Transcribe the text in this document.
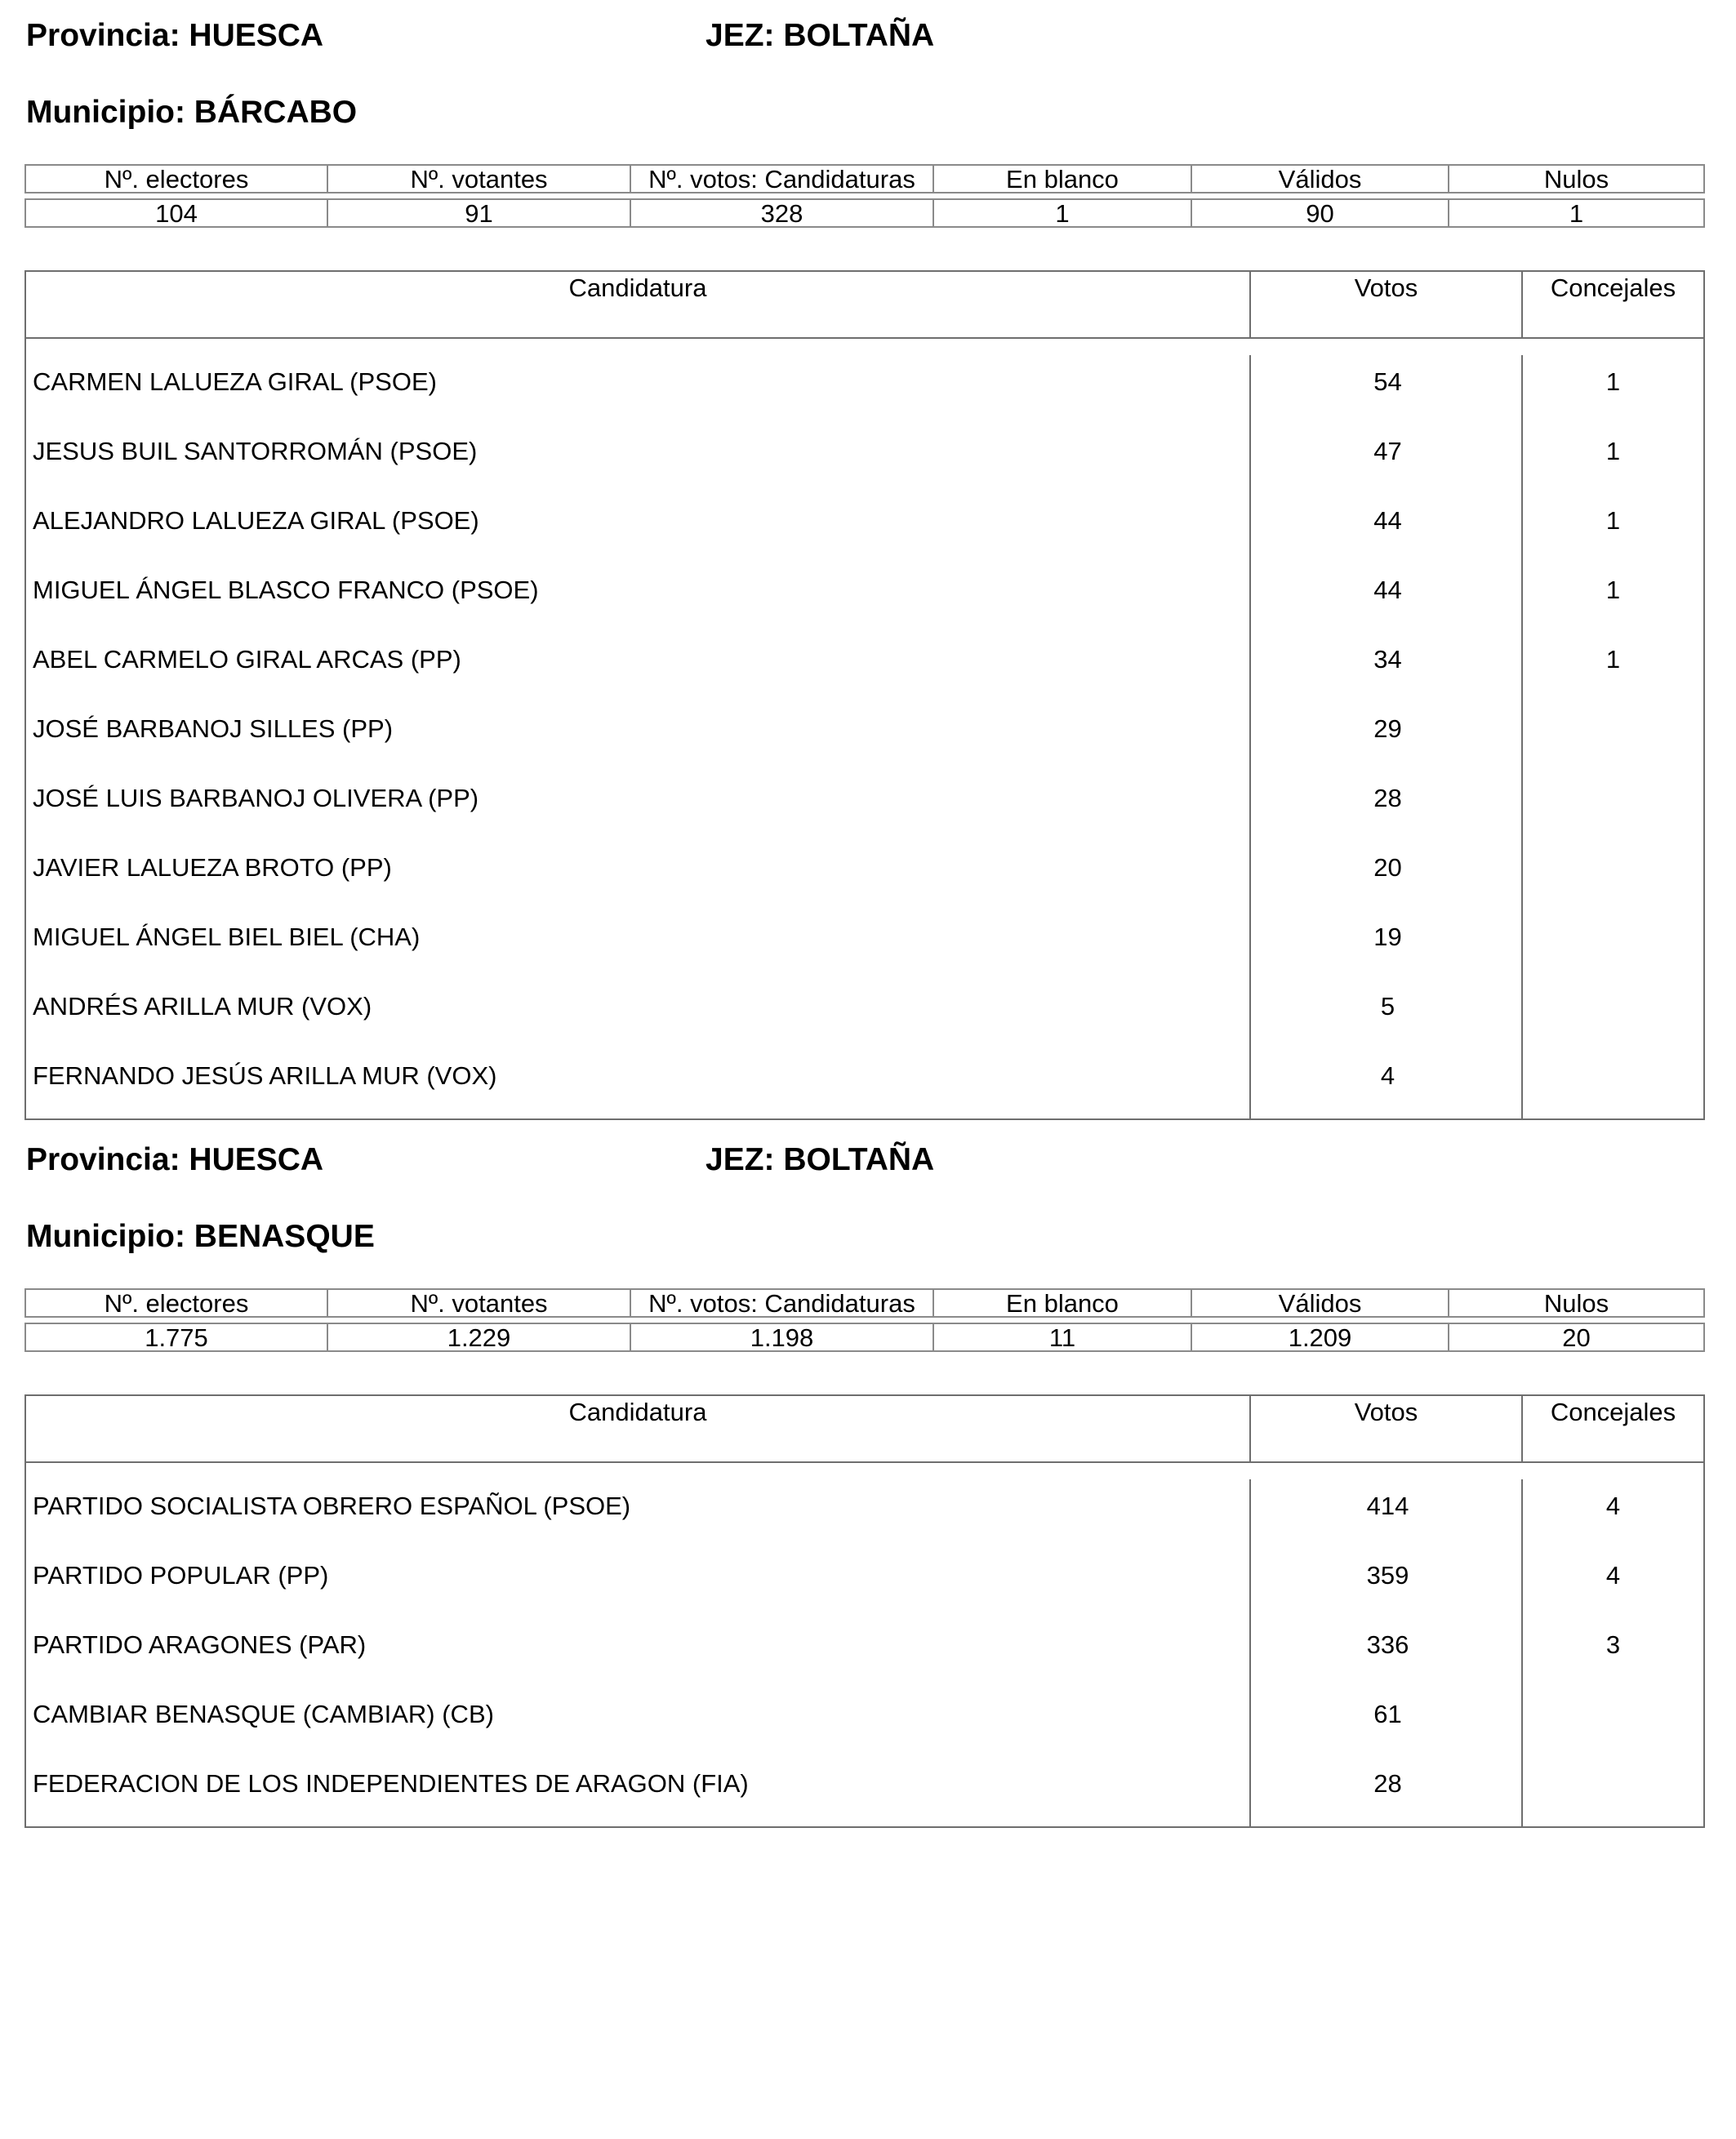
Provincia: HUESCA	JEZ: BOLTAÑA
Municipio: BÁRCABO
Nº. electores	Nº. votantes	Nº. votos: Candidaturas	En blanco	Válidos	Nulos
104	91	328	1	90	1
Candidatura	Votos	Concejales
CARMEN LALUEZA GIRAL (PSOE)	54	1
JESUS BUIL SANTORROMÁN (PSOE)	47	1
ALEJANDRO LALUEZA GIRAL (PSOE)	44	1
MIGUEL ÁNGEL BLASCO FRANCO (PSOE)	44	1
ABEL CARMELO GIRAL ARCAS (PP)	34	1
JOSÉ BARBANOJ SILLES (PP)	29
JOSÉ LUIS BARBANOJ OLIVERA (PP)	28
JAVIER LALUEZA BROTO (PP)	20
MIGUEL ÁNGEL BIEL BIEL (CHA)	19
ANDRÉS ARILLA MUR (VOX)	5
FERNANDO JESÚS ARILLA MUR (VOX)	4
Provincia: HUESCA	JEZ: BOLTAÑA
Municipio: BENASQUE
Nº. electores	Nº. votantes	Nº. votos: Candidaturas	En blanco	Válidos	Nulos
1.775	1.229	1.198	11	1.209	20
Candidatura	Votos	Concejales
PARTIDO SOCIALISTA OBRERO ESPAÑOL (PSOE)	414	4
PARTIDO POPULAR (PP)	359	4
PARTIDO ARAGONES (PAR)	336	3
CAMBIAR BENASQUE (CAMBIAR) (CB)	61
FEDERACION DE LOS INDEPENDIENTES DE ARAGON (FIA)	28
